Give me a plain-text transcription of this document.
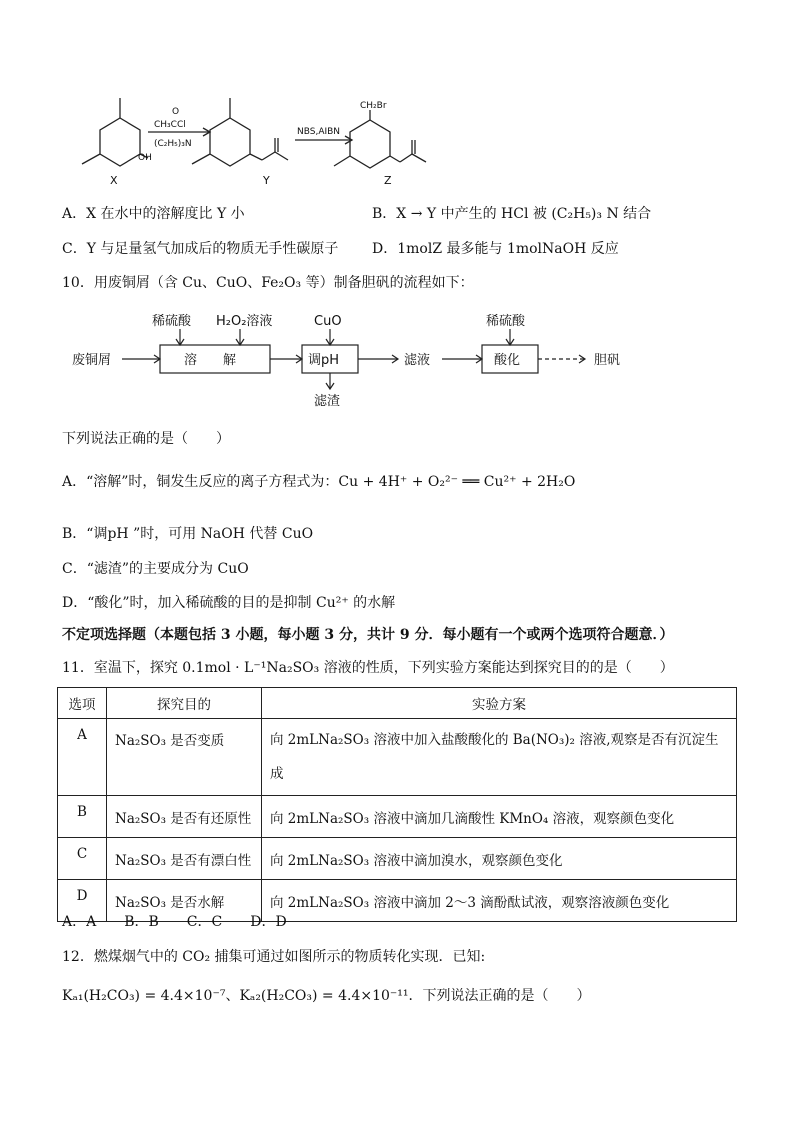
O
CH₃CCl
(C₂H₅)₃N
OH
NBS,AIBN
CH₂Br
X	Y	Z
A．X 在水中的溶解度比 Y 小	B．X → Y 中产生的 HCl 被 (C₂H₅)₃ N 结合
C．Y 与足量氢气加成后的物质无手性碳原子 D．1molZ 最多能与 1molNaOH 反应
10．用废铜屑（含 Cu、CuO、Fe₂O₃ 等）制备胆矾的流程如下：
废铜屑	溶　　解
稀硫酸 H₂O₂溶液
调pH
CuO
滤渣
滤液	酸化
稀硫酸
胆矾
下列说法正确的是（　　）
A．“溶解”时，铜发生反应的离子方程式为：Cu + 4H⁺ + O₂²⁻ ══ Cu²⁺ + 2H₂O
B．“调pH ”时，可用 NaOH 代替 CuO
C．“滤渣”的主要成分为 CuO
D．“酸化”时，加入稀硫酸的目的是抑制 Cu²⁺ 的水解
不定项选择题（本题包括 3 小题，每小题 3 分，共计 9 分．每小题有一个或两个选项符合题意．）
11．室温下，探究 0.1mol · L⁻¹Na₂SO₃ 溶液的性质，下列实验方案能达到探究目的的是（　　）
选项	探究目的	实验方案
A	Na₂SO₃ 是否变质	向 2mLNa₂SO₃ 溶液中加入盐酸酸化的 Ba(NO₃)₂ 溶液,观察是否有沉淀生成
B	Na₂SO₃ 是否有还原性	向 2mLNa₂SO₃ 溶液中滴加几滴酸性 KMnO₄ 溶液，观察颜色变化
C	Na₂SO₃ 是否有漂白性	向 2mLNa₂SO₃ 溶液中滴加溴水，观察颜色变化
D	Na₂SO₃ 是否水解	向 2mLNa₂SO₃ 溶液中滴加 2～3 滴酚酞试液，观察溶液颜色变化
A．A　　B．B　　C．C　　D．D
12．燃煤烟气中的 CO₂ 捕集可通过如图所示的物质转化实现．已知:
Kₐ₁(H₂CO₃) = 4.4×10⁻⁷、Kₐ₂(H₂CO₃) = 4.4×10⁻¹¹．下列说法正确的是（　　）
